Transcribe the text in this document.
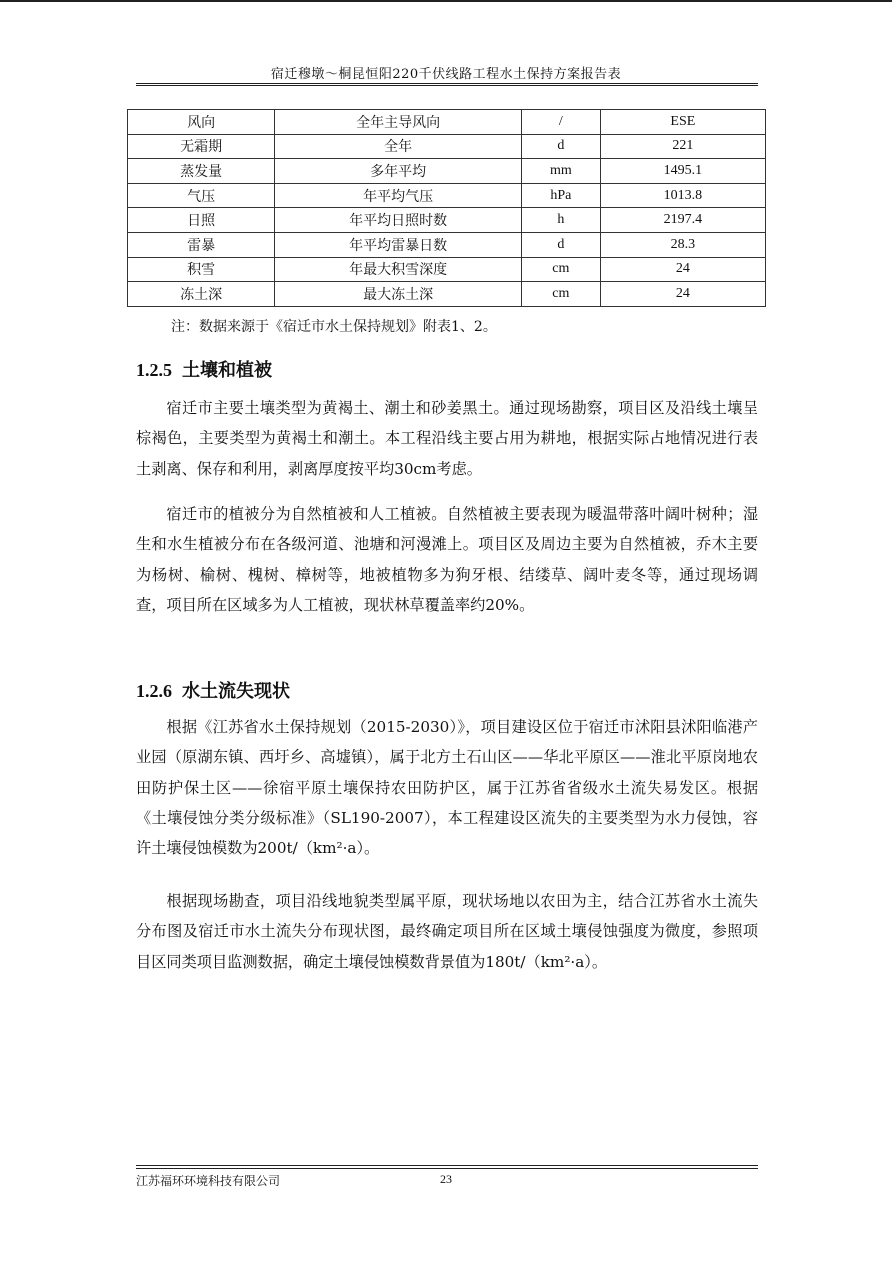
宿迁穆墩～桐昆恒阳220千伏线路工程水土保持方案报告表
风向	全年主导风向	/	ESE
无霜期	全年	d	221
蒸发量	多年平均	mm	1495.1
气压	年平均气压	hPa	1013.8
日照	年平均日照时数	h	2197.4
雷暴	年平均雷暴日数	d	28.3
积雪	年最大积雪深度	cm	24
冻土深	最大冻土深	cm	24
注：数据来源于《宿迁市水土保持规划》附表1、2。
1.2.5 土壤和植被

宿迁市主要土壤类型为黄褐土、潮土和砂姜黑土。通过现场勘察，项目区及沿线土壤呈棕褐色，主要类型为黄褐土和潮土。本工程沿线主要占用为耕地，根据实际占地情况进行表土剥离、保存和利用，剥离厚度按平均30cm考虑。

宿迁市的植被分为自然植被和人工植被。自然植被主要表现为暖温带落叶阔叶树种；湿生和水生植被分布在各级河道、池塘和河漫滩上。项目区及周边主要为自然植被，乔木主要为杨树、榆树、槐树、樟树等，地被植物多为狗牙根、结缕草、阔叶麦冬等，通过现场调查，项目所在区域多为人工植被，现状林草覆盖率约20%。

1.2.6 水土流失现状

根据《江苏省水土保持规划（2015-2030）》，项目建设区位于宿迁市沭阳县沭阳临港产业园（原湖东镇、西圩乡、高墟镇），属于北方土石山区——华北平原区——淮北平原岗地农田防护保土区——徐宿平原土壤保持农田防护区，属于江苏省省级水土流失易发区。根据《土壤侵蚀分类分级标准》（SL190-2007），本工程建设区流失的主要类型为水力侵蚀，容许土壤侵蚀模数为200t/（km²·a）。

根据现场勘查，项目沿线地貌类型属平原，现状场地以农田为主，结合江苏省水土流失分布图及宿迁市水土流失分布现状图，最终确定项目所在区域土壤侵蚀强度为微度，参照项目区同类项目监测数据，确定土壤侵蚀模数背景值为180t/（km²·a）。

江苏福环环境科技有限公司	23
